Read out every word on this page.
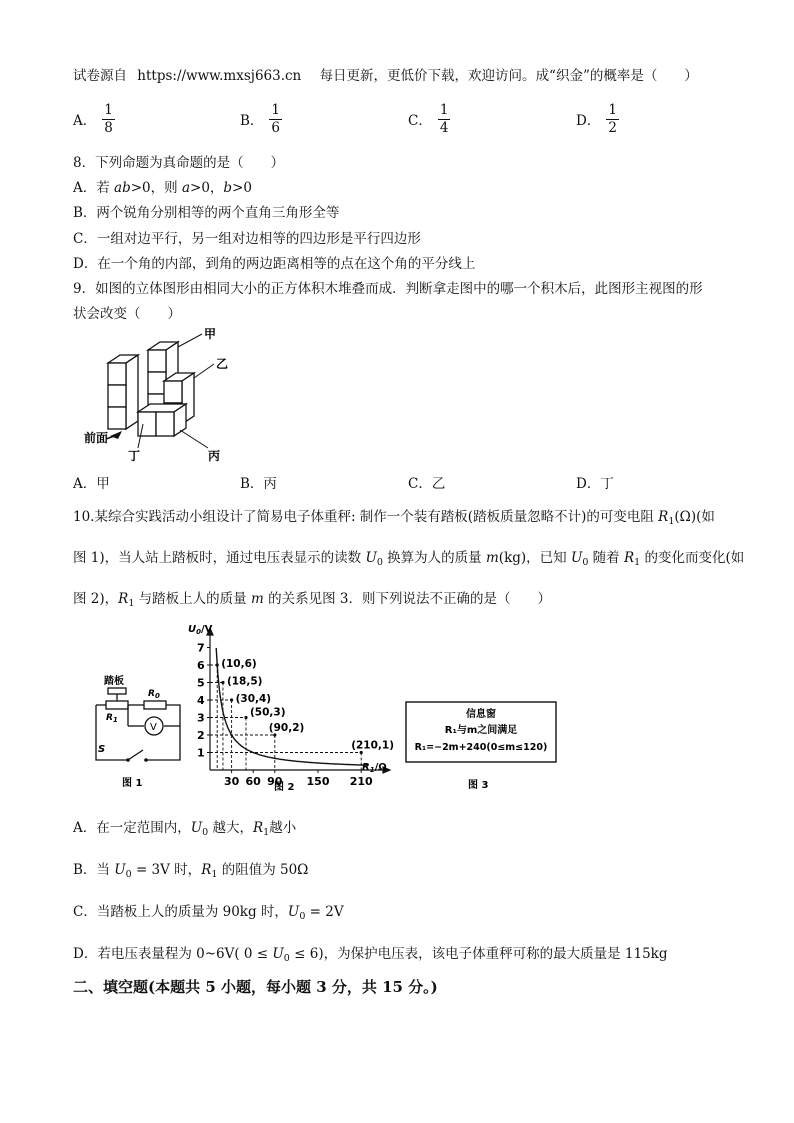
试卷源自 https://www.mxsj663.cn 每日更新，更低价下载，欢迎访问。成“织金”的概率是（　　）
A． $\frac{1}{8}$	B． $\frac{1}{6}$	C． $\frac{1}{4}$	D． $\frac{1}{2}$
8．下列命题为真命题的是（　　）
A．若 ab>0，则 a>0，b>0
B．两个锐角分别相等的两个直角三角形全等
C．一组对边平行，另一组对边相等的四边形是平行四边形
D．在一个角的内部，到角的两边距离相等的点在这个角的平分线上
9．如图的立体图形由相同大小的正方体积木堆叠而成．判断拿走图中的哪一个积木后，此图形主视图的形
状会改变（　　）
甲
乙
丙
丁
前面
A．甲	B．丙	C．乙	D．丁
10.某综合实践活动小组设计了简易电子体重秤: 制作一个装有踏板(踏板质量忽略不计)的可变电阻 $R_1(\Omega)$(如
图 1)，当人站上踏板时，通过电压表显示的读数 $U_0$ 换算为人的质量 m(kg)，已知 $U_0$ 随着 $R_1$ 的变化而变化(如
图 2)，$R_1$ 与踏板上人的质量 m 的关系见图 3．则下列说法不正确的是（　　）
踏板
$R_1$
$R_0$
V
S
图 1
1
2
3
4
5
6
7
30 60 90 150 210
(10,6)
(18,5)
(30,4)
(50,3)
(90,2)
(210,1)
$U_0/V$
$R_1/\Omega$
图 2
信息窗
R₁与m之间满足
R₁=−2m+240(0≤m≤120)
图 3
A．在一定范围内，$U_0$ 越大，$R_1$越小
B．当 $U_0 = 3V$ 时，$R_1$ 的阻值为 50Ω
C．当踏板上人的质量为 90kg 时，$U_0 = 2V$
D．若电压表量程为 0~6V( $0 \le U_0 \le 6$)，为保护电压表，该电子体重秤可称的最大质量是 115kg
二、填空题(本题共 5 小题，每小题 3 分，共 15 分。)
